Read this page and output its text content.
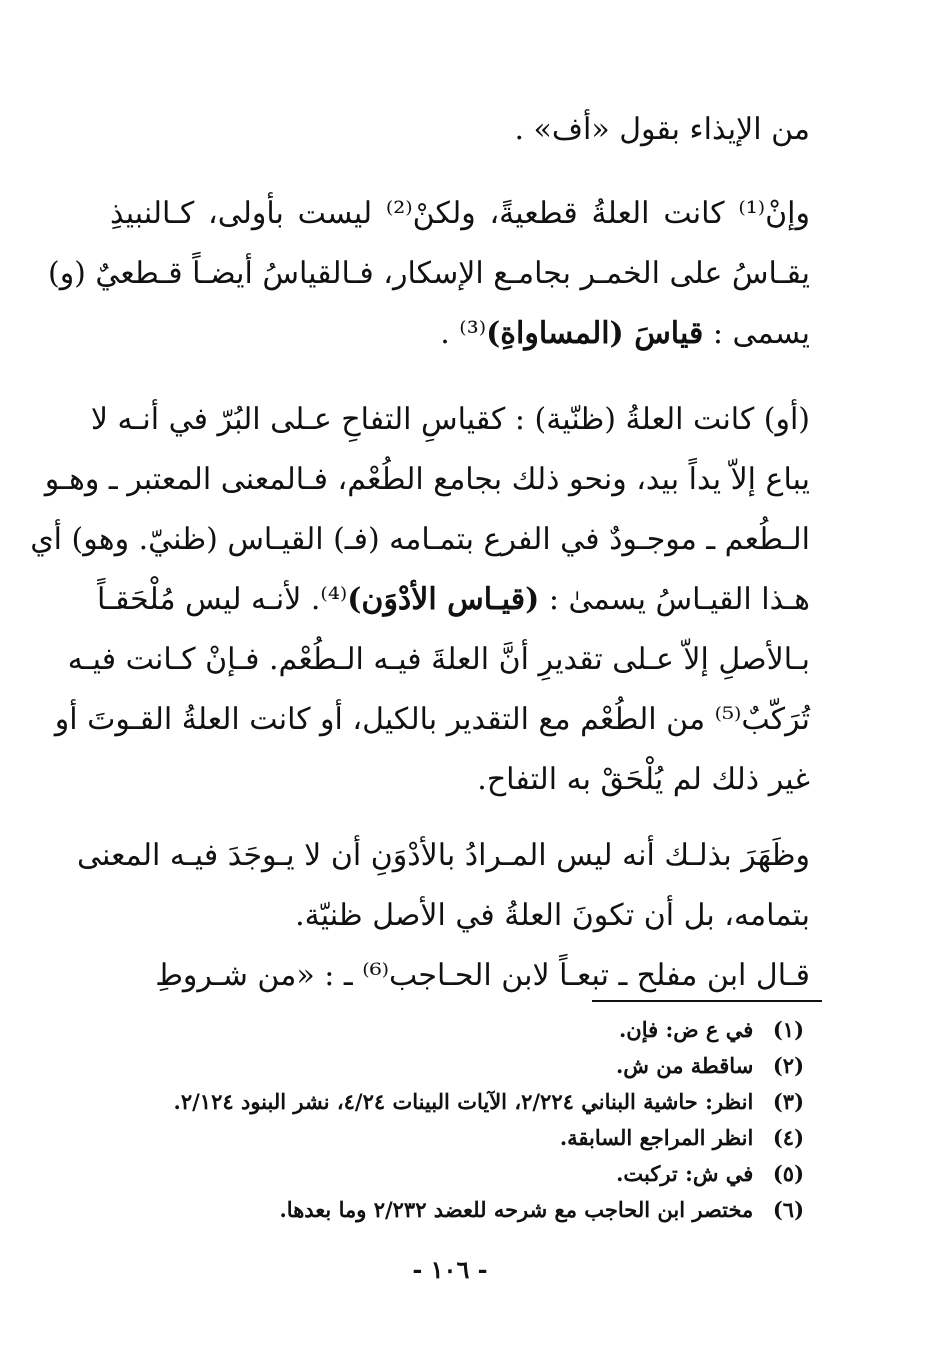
من الإيذاء بقول «أف» .
وإنْ⁽¹⁾ كانت العلةُ قطعيةً، ولكنْ⁽²⁾ ليست بأولى، كـالنبيذِ
يقـاسُ على الخمـر بجامـع الإسكار، فـالقياسُ أيضـاً قـطعيٌ (و)
يسمى : قياسَ (المساواةِ)⁽³⁾ .
(أو) كانت العلةُ (ظنّية) : كقياسِ التفاحِ عـلى البُرّ في أنـه لا
يباع إلاّ يداً بيد، ونحو ذلك بجامع الطُعْم، فـالمعنى المعتبر ـ وهـو
الـطُعم ـ موجـودٌ في الفرع بتمـامه (فـ) القيـاس (ظنيّ. وهو) أي
هـذا القيـاسُ يسمىٰ : (قيـاس الأدْوَن)⁽⁴⁾. لأنـه ليس مُلْحَقـاً
بـالأصلِ إلاّ عـلى تقديرِ أنَّ العلةَ فيـه الـطُعْم. فـإنْ كـانت فيـه
تُرَكّبٌ⁽⁵⁾ من الطُعْم مع التقدير بالكيل، أو كانت العلةُ القـوتَ أو
غير ذلك لم يُلْحَقْ به التفاح.
وظَهَرَ بذلـك أنه ليس المـرادُ بالأدْوَنِ أن لا يـوجَدَ فيـه المعنى
بتمامه، بل أن تكونَ العلةُ في الأصل ظنيّة.
قـال ابن مفلح ـ تبعـاً لابن الحـاجب⁽⁶⁾ ـ : «من شـروطِ
(١) في ع ض: فإن.
(٢) ساقطة من ش.
(٣) انظر: حاشية البناني ٢/٢٢٤، الآيات البينات ٤/٢٤، نشر البنود ٢/١٢٤.
(٤) انظر المراجع السابقة.
(٥) في ش: تركبت.
(٦) مختصر ابن الحاجب مع شرحه للعضد ٢/٢٣٢ وما بعدها.
- ١٠٦ -
